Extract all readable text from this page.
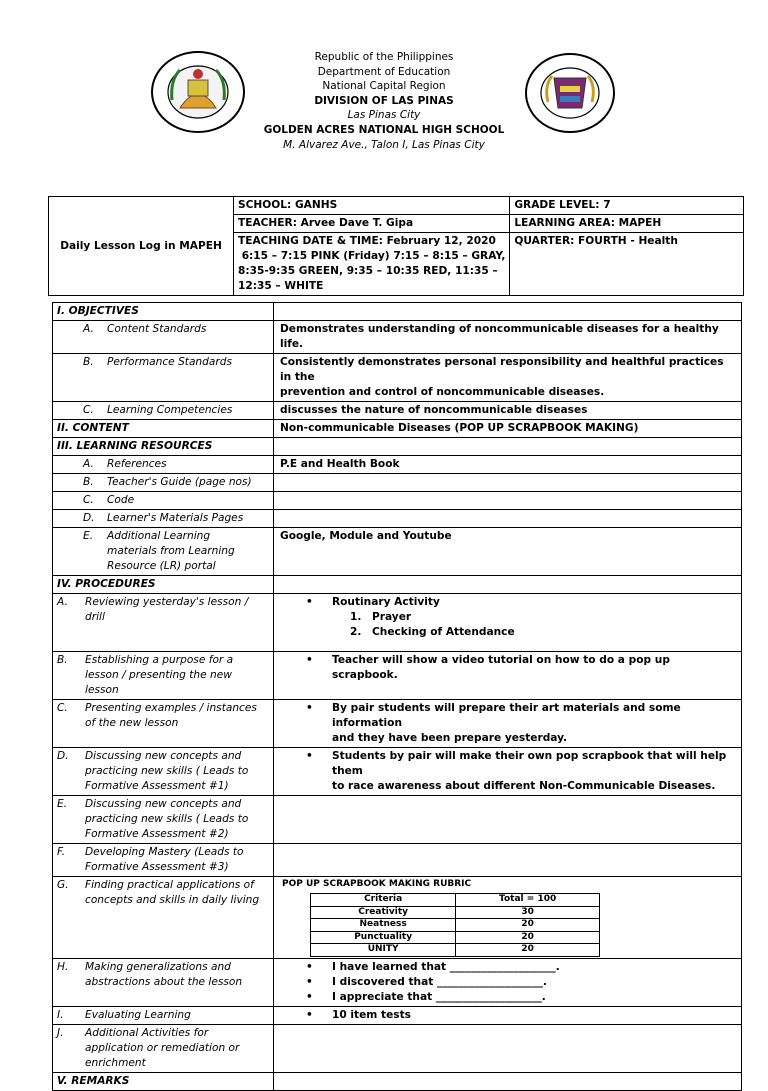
Republic of the Philippines
Department of Education
National Capital Region
DIVISION OF LAS PINAS
Las Pinas City
GOLDEN ACRES NATIONAL HIGH SCHOOL
M. Alvarez Ave., Talon I, Las Pinas City
Daily Lesson Log in MAPEH	SCHOOL: GANHS	GRADE LEVEL: 7
	TEACHER: Arvee Dave T. Gipa	LEARNING AREA: MAPEH

	TEACHING DATE & TIME: February 12, 2020
6:15 – 7:15 PINK (Friday) 7:15 – 8:15 – GRAY,
8:35-9:35 GREEN, 9:35 – 10:35 RED, 11:35 –
12:35 – WHITE	QUARTER: FOURTH - Health
I. OBJECTIVES	

A.	Content Standards	Demonstrates understanding of noncommunicable diseases for a healthy life.

B.	Performance Standards	Consistently demonstrates personal responsibility and healthful practices in the
prevention and control of noncommunicable diseases.

C.	Learning Competencies	discusses the nature of noncommunicable diseases
II. CONTENT	Non-communicable Diseases (POP UP SCRAPBOOK MAKING)
III. LEARNING RESOURCES	

A.	References	P.E and Health Book

B.	Teacher's Guide (page nos)

C.	Code

D.	Learner's Materials Pages

E.	Additional Learning
materials from Learning
Resource (LR) portal
	Google, Module and Youtube
IV. PROCEDURES	

A.	Reviewing yesterday's lesson /
drill

•	Routinary Activity
1. Prayer
2. Checking of Attendance

B.	Establishing a purpose for a
lesson / presenting the new
lesson

•	Teacher will show a video tutorial on how to do a pop up scrapbook.

C.	Presenting examples / instances
of the new lesson

•	By pair students will prepare their art materials and some information
and they have been prepare yesterday.

D.	Discussing new concepts and
practicing new skills ( Leads to
Formative Assessment #1)

•	Students by pair will make their own pop scrapbook that will help them
to race awareness about different Non-Communicable Diseases.

E.	Discussing new concepts and
practicing new skills ( Leads to
Formative Assessment #2)

F.	Developing Mastery (Leads to
Formative Assessment #3)

G.	Finding practical applications of
concepts and skills in daily living

POP UP SCRAPBOOK MAKING RUBRIC
Criteria	Total = 100
Creativity	30
Neatness	20
Punctuality	20
UNITY	20

H.	Making generalizations and
abstractions about the lesson

•	I have learned that ____________________.
•	I discovered that ____________________.
•	I appreciate that ____________________.

I.	Evaluating Learning	•	10 item tests

J.	Additional Activities for
application or remediation or
enrichment

V. REMARKS	
